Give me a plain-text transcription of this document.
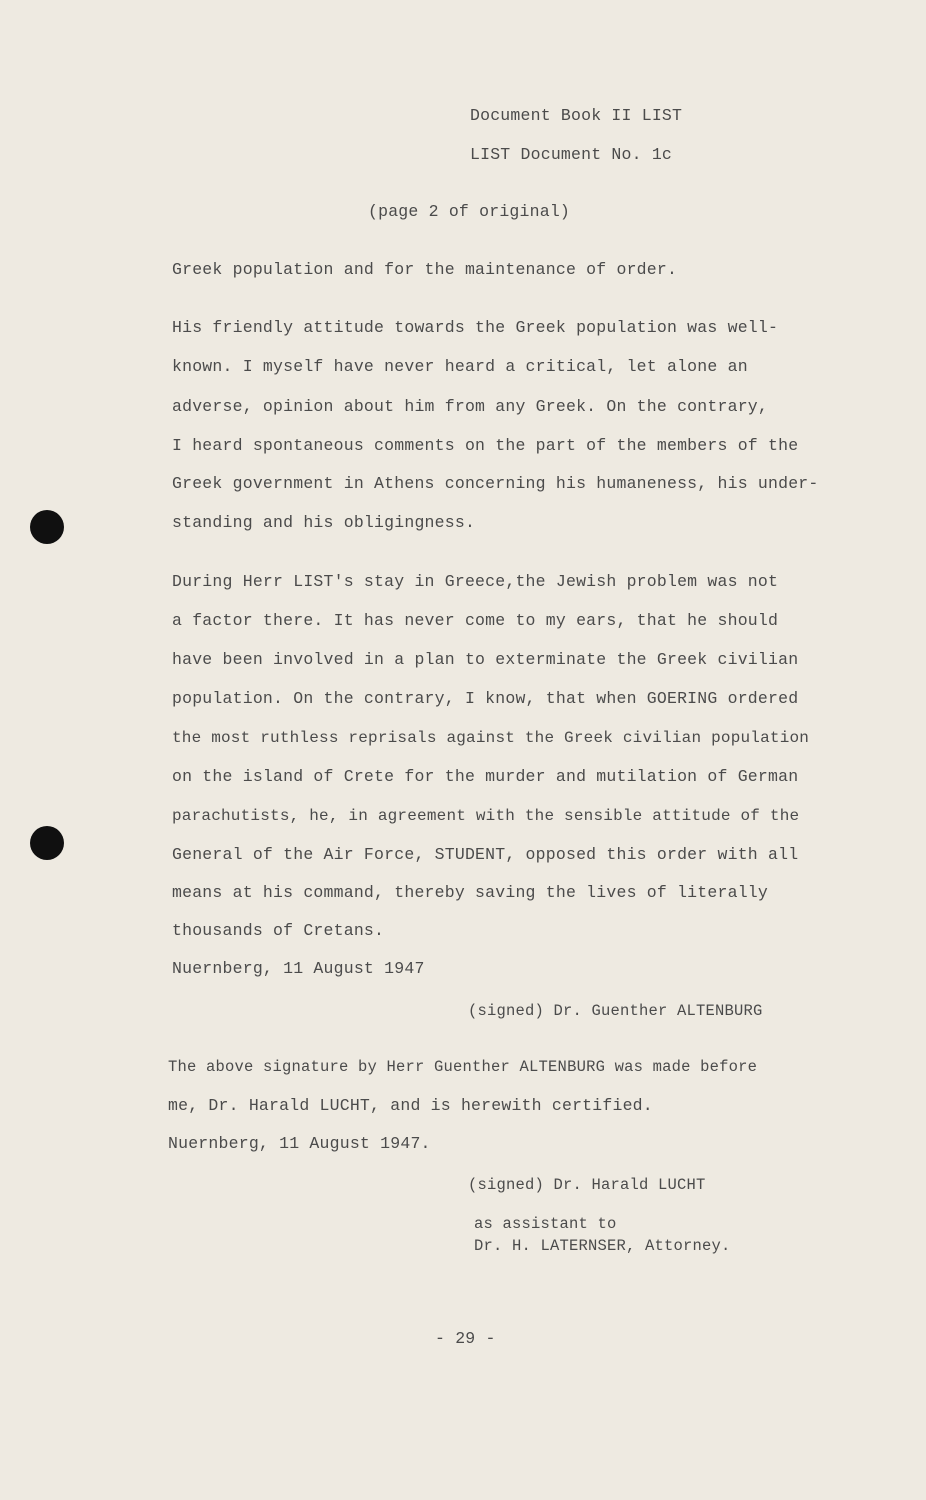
Document Book II LIST
LIST Document No. 1c
(page 2 of original)
Greek population and for the maintenance of order.
His friendly attitude towards the Greek population was well-
known. I myself have never heard a critical, let alone an
adverse, opinion about him from any Greek. On the contrary,
I heard spontaneous comments on the part of the members of the
Greek government in Athens concerning his humaneness, his under-
standing and his obligingness.
During Herr LIST's stay in Greece,the Jewish problem was not
a factor there. It has never come to my ears, that he should
have been involved in a plan to exterminate the Greek civilian
population. On the contrary, I know, that when GOERING ordered
the most ruthless reprisals against the Greek civilian population
on the island of Crete for the murder and mutilation of German
parachutists, he, in agreement with the sensible attitude of the
General of the Air Force, STUDENT, opposed this order with all
means at his command, thereby saving the lives of literally
thousands of Cretans.
Nuernberg, 11 August 1947
(signed) Dr. Guenther ALTENBURG
The above signature by Herr Guenther ALTENBURG was made before
me, Dr. Harald LUCHT, and is herewith certified.
Nuernberg, 11 August 1947.
(signed) Dr. Harald LUCHT
as assistant to
Dr. H. LATERNSER, Attorney.
- 29 -
